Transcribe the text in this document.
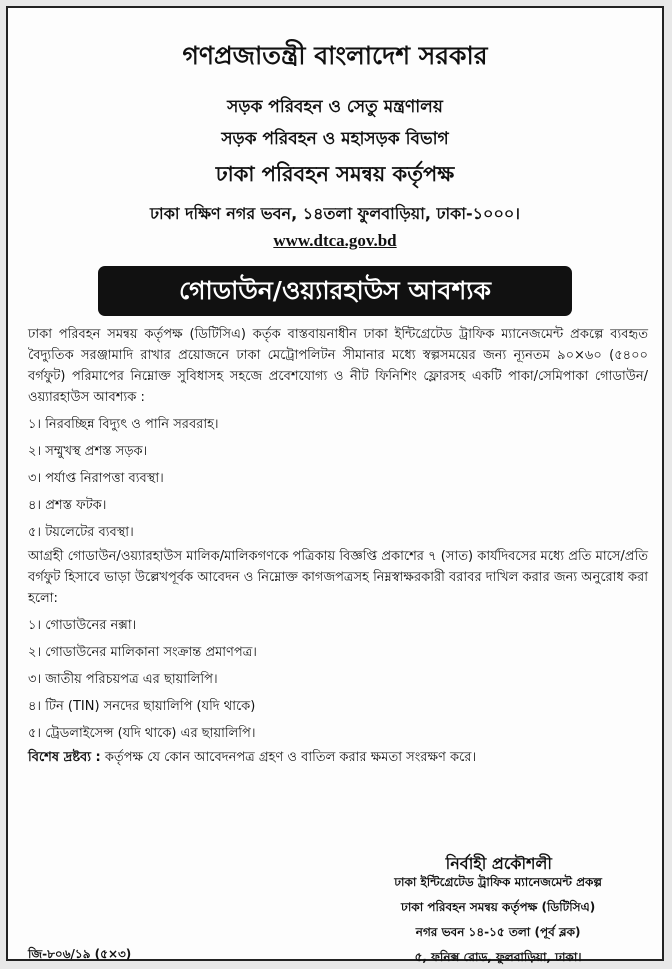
গণপ্রজাতন্ত্রী বাংলাদেশ সরকার
সড়ক পরিবহন ও সেতু মন্ত্রণালয়
সড়ক পরিবহন ও মহাসড়ক বিভাগ
ঢাকা পরিবহন সমন্বয় কর্তৃপক্ষ
ঢাকা দক্ষিণ নগর ভবন, ১৪তলা ফুলবাড়িয়া, ঢাকা-১০০০।
www.dtca.gov.bd
গোডাউন/ওয়্যারহাউস আবশ্যক
ঢাকা পরিবহন সমন্বয় কর্তৃপক্ষ (ডিটিসিএ) কর্তৃক বাস্তবায়নাধীন ঢাকা ইন্টিগ্রেটেড ট্রাফিক ম্যানেজমেন্ট প্রকল্পে ব্যবহৃত বৈদ্যুতিক সরঞ্জামাদি রাখার প্রয়োজনে ঢাকা মেট্রোপলিটন সীমানার মধ্যে স্বল্পসময়ের জন্য ন্যূনতম ৯০×৬০ (৫৪০০ বর্গফুট) পরিমাপের নিম্নোক্ত সুবিধাসহ সহজে প্রবেশযোগ্য ও নীট ফিনিশিং ফ্লোরসহ একটি পাকা/সেমিপাকা গোডাউন/ওয়্যারহাউস আবশ্যক :
১। নিরবচ্ছিন্ন বিদ্যুৎ ও পানি সরবরাহ।
২। সম্মুখস্থ প্রশস্ত সড়ক।
৩। পর্যাপ্ত নিরাপত্তা ব্যবস্থা।
৪। প্রশস্ত ফটক।
৫। টয়লেটের ব্যবস্থা।
আগ্রহী গোডাউন/ওয়্যারহাউস মালিক/মালিকগণকে পত্রিকায় বিজ্ঞপ্তি প্রকাশের ৭ (সাত) কার্যদিবসের মধ্যে প্রতি মাসে/প্রতি বর্গফুট হিসাবে ভাড়া উল্লেখপূর্বক আবেদন ও নিম্নোক্ত কাগজপত্রসহ নিম্নস্বাক্ষরকারী বরাবর দাখিল করার জন্য অনুরোধ করা হলো:
১। গোডাউনের নক্সা।
২। গোডাউনের মালিকানা সংক্রান্ত প্রমাণপত্র।
৩। জাতীয় পরিচয়পত্র এর ছায়ালিপি।
৪। টিন (TIN) সনদের ছায়ালিপি (যদি থাকে)
৫। ট্রেডলাইসেন্স (যদি থাকে) এর ছায়ালিপি।
বিশেষ দ্রষ্টব্য : কর্তৃপক্ষ যে কোন আবেদনপত্র গ্রহণ ও বাতিল করার ক্ষমতা সংরক্ষণ করে।
নির্বাহী প্রকৌশলী
ঢাকা ইন্টিগ্রেটেড ট্রাফিক ম্যানেজমেন্ট প্রকল্প
ঢাকা পরিবহন সমন্বয় কর্তৃপক্ষ (ডিটিসিএ)
নগর ভবন ১৪-১৫ তলা (পূর্ব ব্লক)
৫, ফনিক্স রোড, ফুলবাড়িয়া, ঢাকা।
জি-৮০৬/১৯ (৫×৩)
